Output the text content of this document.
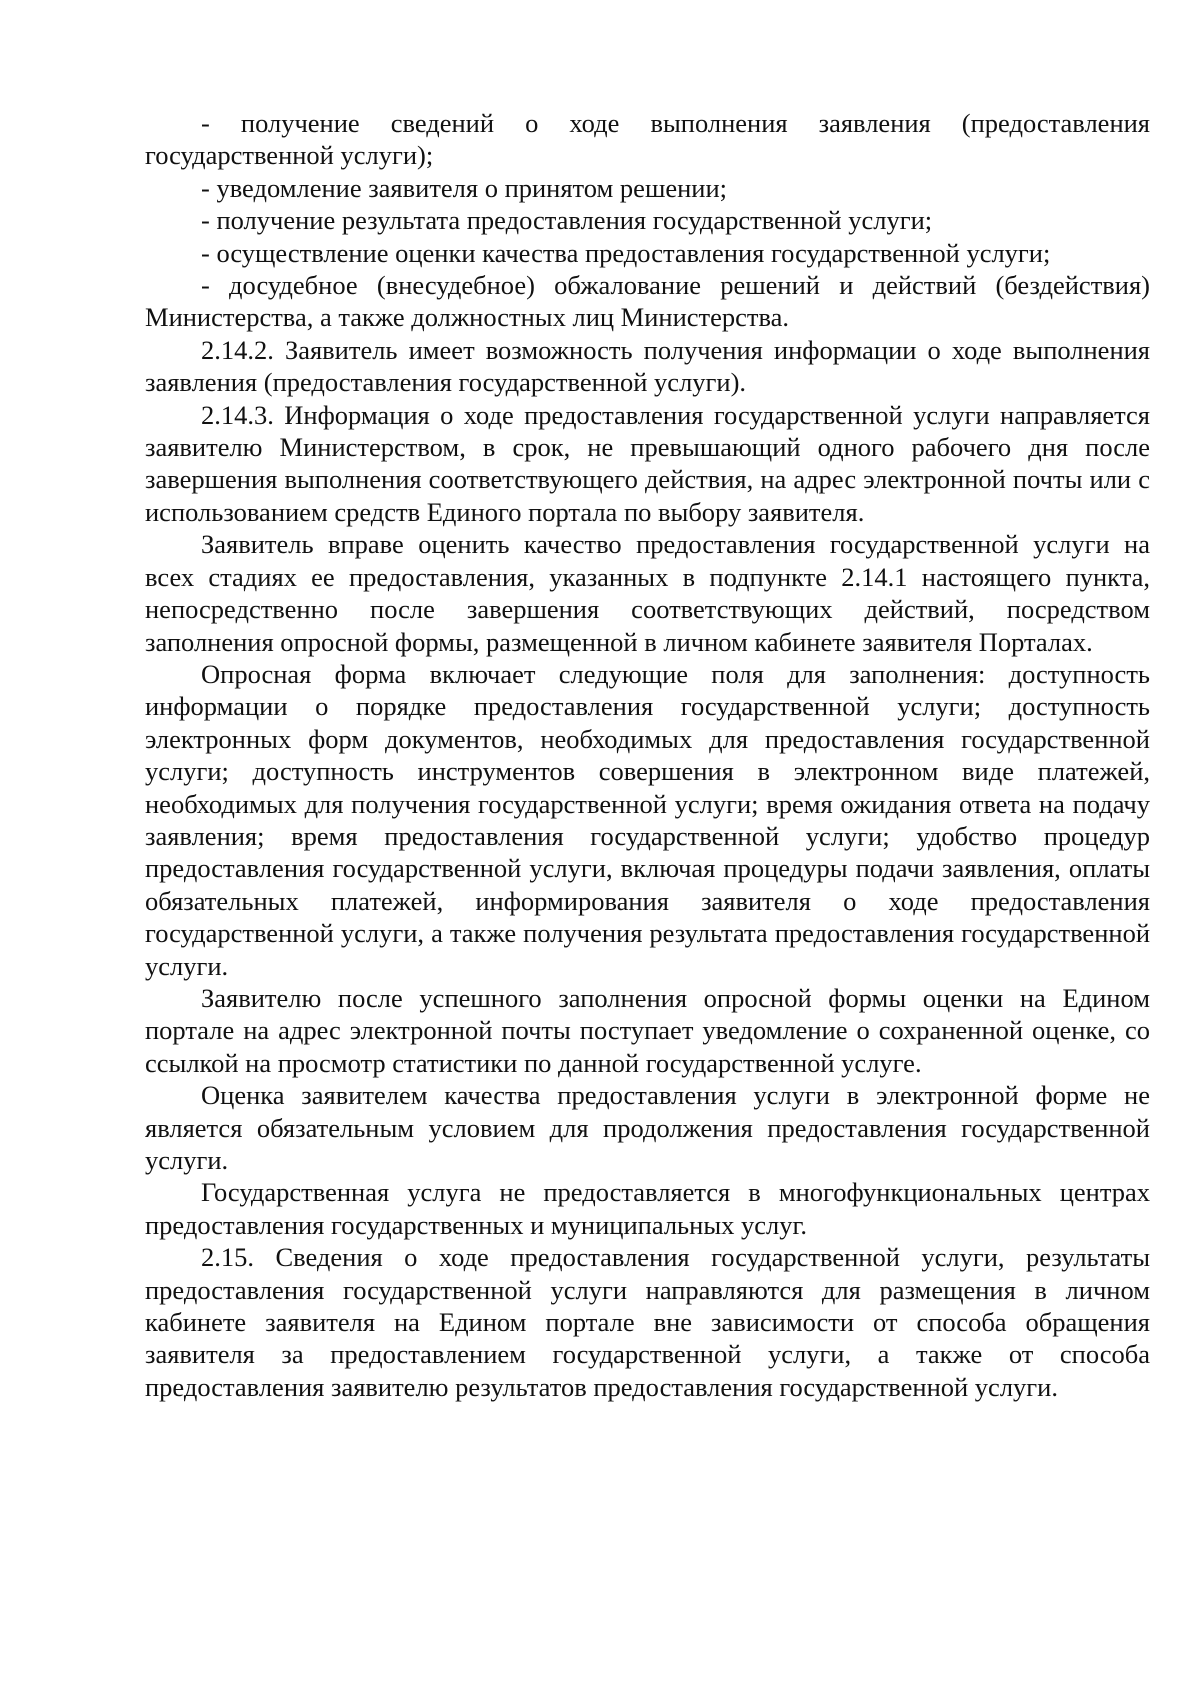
- получение сведений о ходе выполнения заявления (предоставления государственной услуги);

- уведомление заявителя о принятом решении;

- получение результата предоставления государственной услуги;

- осуществление оценки качества предоставления государственной услуги;

- досудебное (внесудебное) обжалование решений и действий (бездействия) Министерства, а также должностных лиц Министерства.

2.14.2. Заявитель имеет возможность получения информации о ходе выполнения заявления (предоставления государственной услуги).

2.14.3. Информация о ходе предоставления государственной услуги направляется заявителю Министерством, в срок, не превышающий одного рабочего дня после завершения выполнения соответствующего действия, на адрес электронной почты или с использованием средств Единого портала по выбору заявителя.

Заявитель вправе оценить качество предоставления государственной услуги на всех стадиях ее предоставления, указанных в подпункте 2.14.1 настоящего пункта, непосредственно после завершения соответствующих действий, посредством заполнения опросной формы, размещенной в личном кабинете заявителя Порталах.

Опросная форма включает следующие поля для заполнения: доступность информации о порядке предоставления государственной услуги; доступность электронных форм документов, необходимых для предоставления государственной услуги; доступность инструментов совершения в электронном виде платежей, необходимых для получения государственной услуги; время ожидания ответа на подачу заявления; время предоставления государственной услуги; удобство процедур предоставления государственной услуги, включая процедуры подачи заявления, оплаты обязательных платежей, информирования заявителя о ходе предоставления государственной услуги, а также получения результата предоставления государственной услуги.

Заявителю после успешного заполнения опросной формы оценки на Едином портале на адрес электронной почты поступает уведомление о сохраненной оценке, со ссылкой на просмотр статистики по данной государственной услуге.

Оценка заявителем качества предоставления услуги в электронной форме не является обязательным условием для продолжения предоставления государственной услуги.

Государственная услуга не предоставляется в многофункциональных центрах предоставления государственных и муниципальных услуг.

2.15. Сведения о ходе предоставления государственной услуги, результаты предоставления государственной услуги направляются для размещения в личном кабинете заявителя на Едином портале вне зависимости от способа обращения заявителя за предоставлением государственной услуги, а также от способа предоставления заявителю результатов предоставления государственной услуги.
